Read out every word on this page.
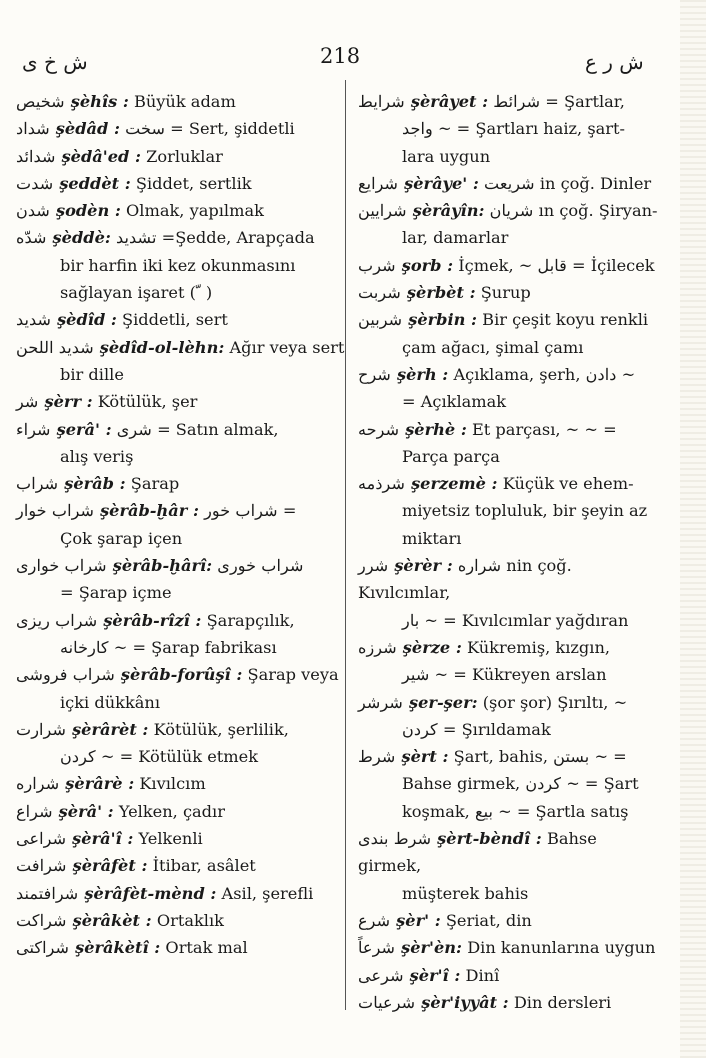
ش خ ى	218	ش ر ع
شخيص şèhîs : Büyük adam
شداد şèdâd : سخت = Sert, şiddetli
شدائد şèdâ'ed : Zorluklar
شدت şeddèt : Şiddet, sertlik
شدن şodèn : Olmak, yapılmak
شدّه şèddè: تشديد =Şedde, Arapçada
bir harfin iki kez okunmasını
sağlayan işaret ( ّ )
شديد şèdîd : Şiddetli, sert
شديد اللحن şèdîd-ol-lèhn: Ağır veya sert
bir dille
شر şèrr : Kötülük, şer
شراء şerâ' : شرى = Satın almak,
alış veriş
شراب şèrâb : Şarap
شراب خوار şèrâb-ḫâr : شراب خور =
Çok şarap içen
شراب خواری şèrâb-ḫârî: شراب خوری
= Şarap içme
شراب ريزى şèrâb-rîzî : Şarapçılık,
كارخانه ~ = Şarap fabrikası
شراب فروشى şèrâb-forûşî : Şarap veya
içki dükkânı
شرارت şèrârèt : Kötülük, şerlilik,
كردن ~ = Kötülük etmek
شراره şèrârè : Kıvılcım
شراع şèrâ' : Yelken, çadır
شراعى şèrâ'î : Yelkenli
شرافت şèrâfèt : İtibar, asâlet
شرافتمند şèrâfèt-mènd : Asil, şerefli
شراكت şèrâkèt : Ortaklık
شراكتى şèrâkètî : Ortak mal
شرايط şèrâyet : شرائط = Şartlar,
واجد ~ = Şartları haiz, şart-
lara uygun
شرايع şèrâye' : شريعت in çoğ. Dinler
شرايين şèrâyîn: شريان ın çoğ. Şiryan-
lar, damarlar
شرب şorb : İçmek, ~ قابل = İçilecek
شربت şèrbèt : Şurup
شربين şèrbin : Bir çeşit koyu renkli
çam ağacı, şimal çamı
شرح şèrh : Açıklama, şerh, دادن ~
= Açıklamak
شرحه şèrhè : Et parçası, ~ ~ =
Parça parça
شرذمه şerzemè : Küçük ve ehem-
miyetsiz topluluk, bir şeyin az
miktarı
شرر şèrèr : شراره nin çoğ. Kıvılcımlar,
بار ~ = Kıvılcımlar yağdıran
شرزه şèrze : Kükremiş, kızgın,
شير ~ = Kükreyen arslan
شرشر şer-şer: (şor şor) Şırıltı, ~
كردن = Şırıldamak
شرط şèrt : Şart, bahis, بستن ~ =
Bahse girmek, كردن ~ = Şart
koşmak, بيع ~ = Şartla satış
شرط بندى şèrt-bèndî : Bahse girmek,
müşterek bahis
شرع şèr' : Şeriat, din
شرعاً şèr'èn: Din kanunlarına uygun
شرعى şèr'î : Dinî
شرعيات şèr'iyyât : Din dersleri
